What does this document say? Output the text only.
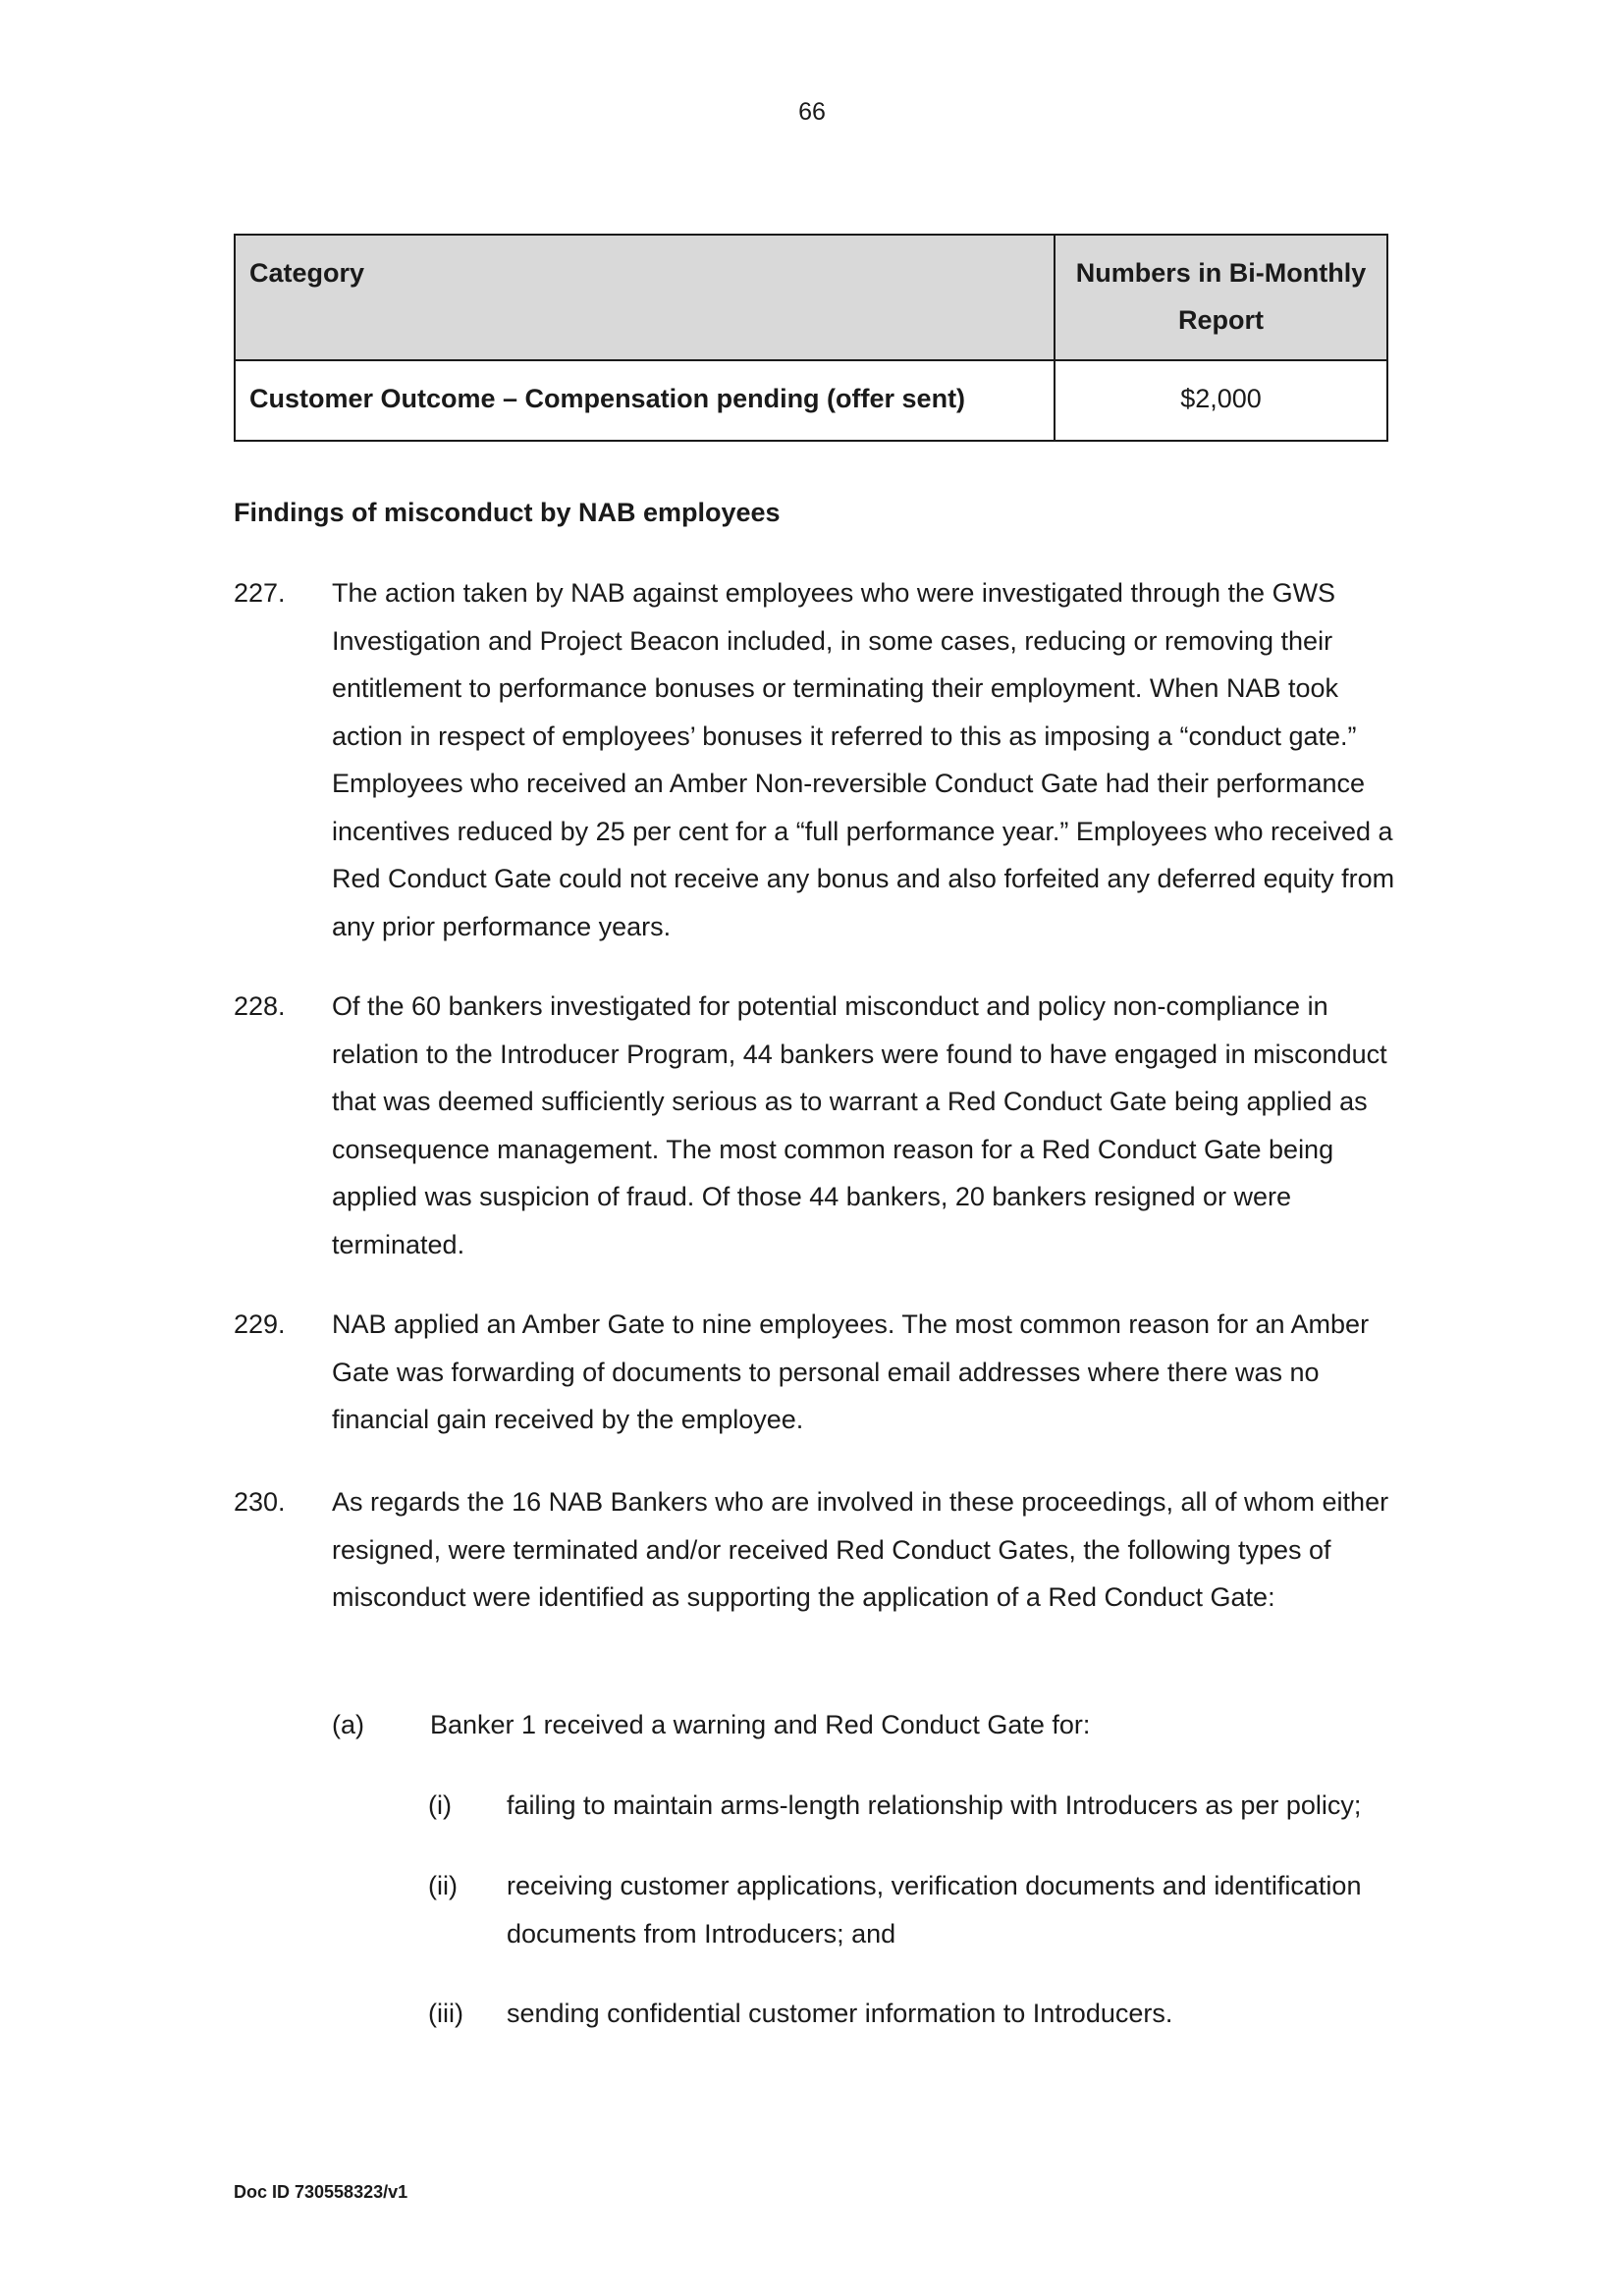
66
Category	Numbers in Bi-Monthly Report
Customer Outcome – Compensation pending (offer sent)	$2,000
Findings of misconduct by NAB employees
227. The action taken by NAB against employees who were investigated through the GWS Investigation and Project Beacon included, in some cases, reducing or removing their entitlement to performance bonuses or terminating their employment. When NAB took action in respect of employees’ bonuses it referred to this as imposing a “conduct gate.” Employees who received an Amber Non-reversible Conduct Gate had their performance incentives reduced by 25 per cent for a “full performance year.” Employees who received a Red Conduct Gate could not receive any bonus and also forfeited any deferred equity from any prior performance years.
228. Of the 60 bankers investigated for potential misconduct and policy non-compliance in relation to the Introducer Program, 44 bankers were found to have engaged in misconduct that was deemed sufficiently serious as to warrant a Red Conduct Gate being applied as consequence management. The most common reason for a Red Conduct Gate being applied was suspicion of fraud. Of those 44 bankers, 20 bankers resigned or were terminated.
229. NAB applied an Amber Gate to nine employees. The most common reason for an Amber Gate was forwarding of documents to personal email addresses where there was no financial gain received by the employee.
230. As regards the 16 NAB Bankers who are involved in these proceedings, all of whom either resigned, were terminated and/or received Red Conduct Gates, the following types of misconduct were identified as supporting the application of a Red Conduct Gate:
(a) Banker 1 received a warning and Red Conduct Gate for:
(i) failing to maintain arms-length relationship with Introducers as per policy;
(ii) receiving customer applications, verification documents and identification documents from Introducers; and
(iii) sending confidential customer information to Introducers.
Doc ID 730558323/v1
